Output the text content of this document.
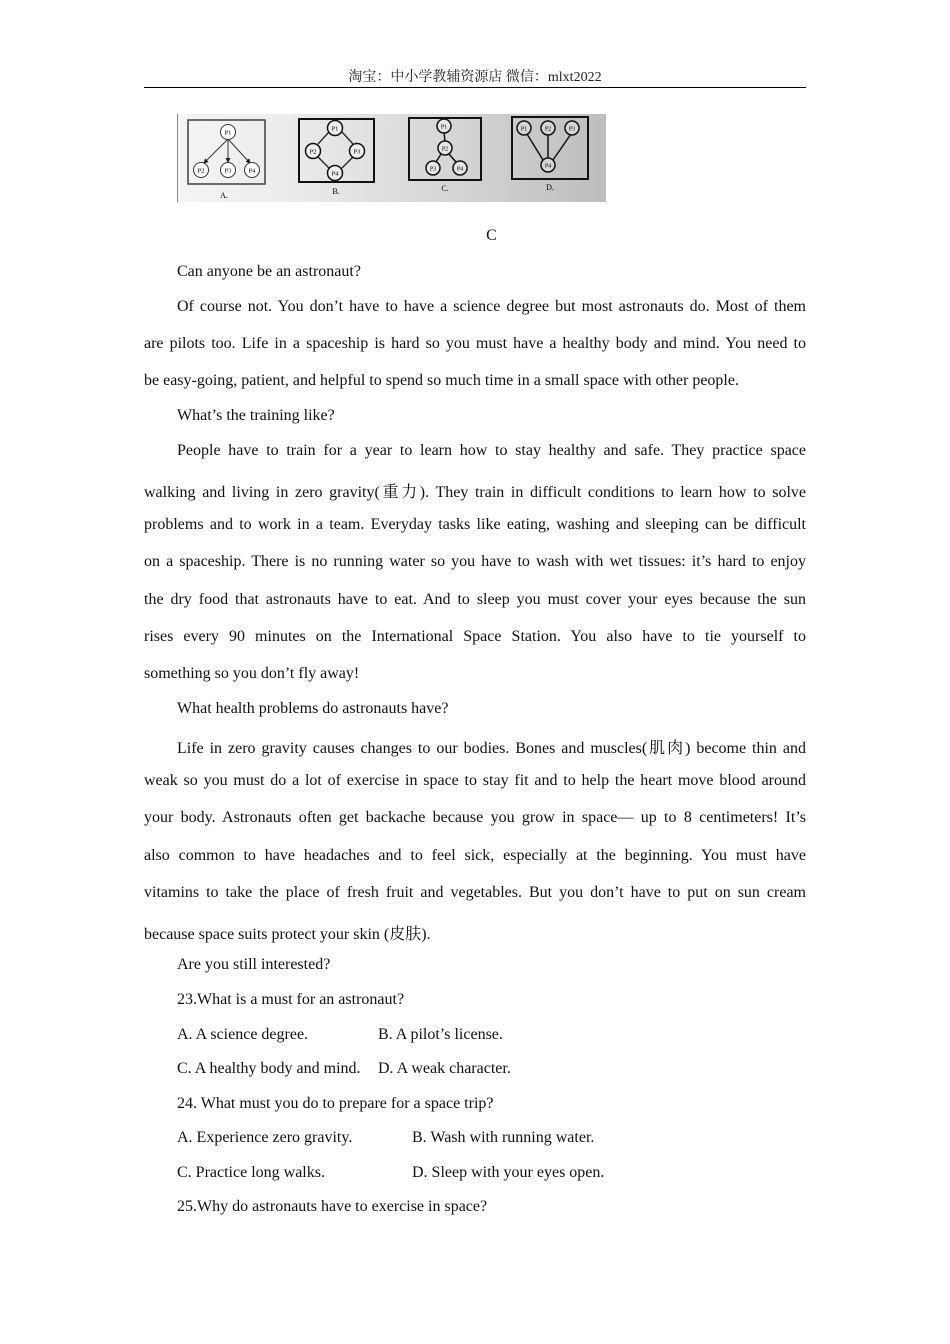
淘宝：中小学教辅资源店 微信：mlxt2022
P1
P2	P3	P4
A.
P1
P2	P3
P4
B.
P1
P2
P3	P4
C.
P1	P2	P3
P4
D.
C
Can anyone be an astronaut?
Of course not. You don’t have to have a science degree but most astronauts do. Most of them
are pilots too. Life in a spaceship is hard so you must have a healthy body and mind. You need to
be easy-going, patient, and helpful to spend so much time in a small space with other people.
What’s the training like?
People have to train for a year to learn how to stay healthy and safe. They practice space
walking and living in zero gravity(重力). They train in difficult conditions to learn how to solve
problems and to work in a team. Everyday tasks like eating, washing and sleeping can be difficult
on a spaceship. There is no running water so you have to wash with wet tissues: it’s hard to enjoy
the dry food that astronauts have to eat. And to sleep you must cover your eyes because the sun
rises every 90 minutes on the International Space Station. You also have to tie yourself to
something so you don’t fly away!
What health problems do astronauts have?
Life in zero gravity causes changes to our bodies. Bones and muscles(肌肉) become thin and
weak so you must do a lot of exercise in space to stay fit and to help the heart move blood around
your body. Astronauts often get backache because you grow in space— up to 8 centimeters! It’s
also common to have headaches and to feel sick, especially at the beginning. You must have
vitamins to take the place of fresh fruit and vegetables. But you don’t have to put on sun cream
because space suits protect your skin (皮肤).
Are you still interested?
23.What is a must for an astronaut?
A. A science degree.	B. A pilot’s license.
C. A healthy body and mind. D. A weak character.
24. What must you do to prepare for a space trip?
A. Experience zero gravity.	B. Wash with running water.
C. Practice long walks.	D. Sleep with your eyes open.
25.Why do astronauts have to exercise in space?
